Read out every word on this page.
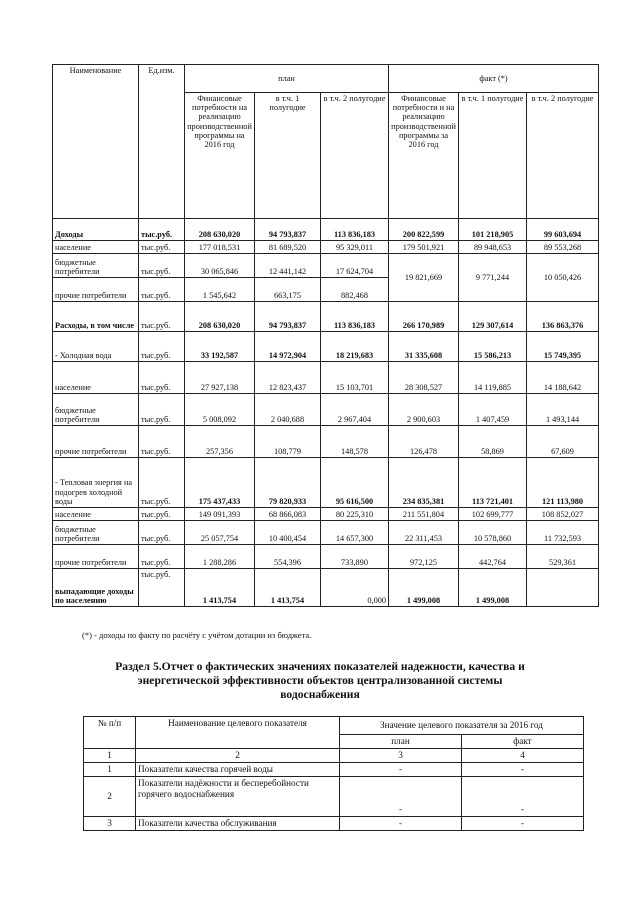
Наименование	Ед.изм.	план			факт (*)		
		Финансовые потребности на реализацию производственной программы на 2016 год	в т.ч. 1 полугодие	в т.ч. 2 полугодие	Финансовые потребности и на реализацию производственной программы за 2016 год	в т.ч. 1 полугодие	в т.ч. 2 полугодие
Доходы	тыс.руб.	208 630,020	94 793,837	113 836,183	200 822,599	101 218,905	99 603,694
население	тыс.руб.	177 018,531	81 689,520	95 329,011	179 501,921	89 948,653	89 553,268
бюджетные потребители	тыс.руб.	30 065,846	12 441,142	17 624,704	19 821,669	9 771,244	10 050,426
прочие потребители	тыс.руб.	1 545,642	663,175	882,468			
Расходы, в том числе	тыс.руб.	208 630,020	94 793,837	113 836,183	266 170,989	129 307,614	136 863,376
- Холодная вода	тыс.руб.	33 192,587	14 972,904	18 219,683	31 335,608	15 586,213	15 749,395
население	тыс.руб.	27 927,138	12 823,437	15 103,701	28 308,527	14 119,885	14 188,642
бюджетные потребители	тыс.руб.	5 008,092	2 040,688	2 967,404	2 900,603	1 407,459	1 493,144
прочие потребители	тыс.руб.	257,356	108,779	148,578	126,478	58,869	67,609
- Тепловая энергия на подогрев холодной воды	тыс.руб.	175 437,433	79 820,933	95 616,500	234 835,381	113 721,401	121 113,980
население	тыс.руб.	149 091,393	68 866,083	80 225,310	211 551,804	102 699,777	108 852,027
бюджетные потребители	тыс.руб.	25 057,754	10 400,454	14 657,300	22 311,453	10 578,860	11 732,593
прочие потребители	тыс.руб.	1 288,286	554,396	733,890	972,125	442,764	529,361
выпадающие доходы по населению	тыс.руб.	1 413,754	1 413,754	0,000	1 499,008	1 499,008	
(*) - доходы по факту по расчёту с учётом дотации из бюджета.
Раздел 5.Отчет о фактических значениях показателей надежности, качества и
энергетической эффективности объектов централизованной системы
водоснабжения
№ п/п	Наименование целевого показателя	Значение целевого показателя за 2016 год	
		план	факт
1	2	3	4
1	Показатели качества горячей воды	-	-
2	Показатели надёжности и бесперебойности горячего водоснабжения	-	-
3	Показатели качества обслуживания	-	-
